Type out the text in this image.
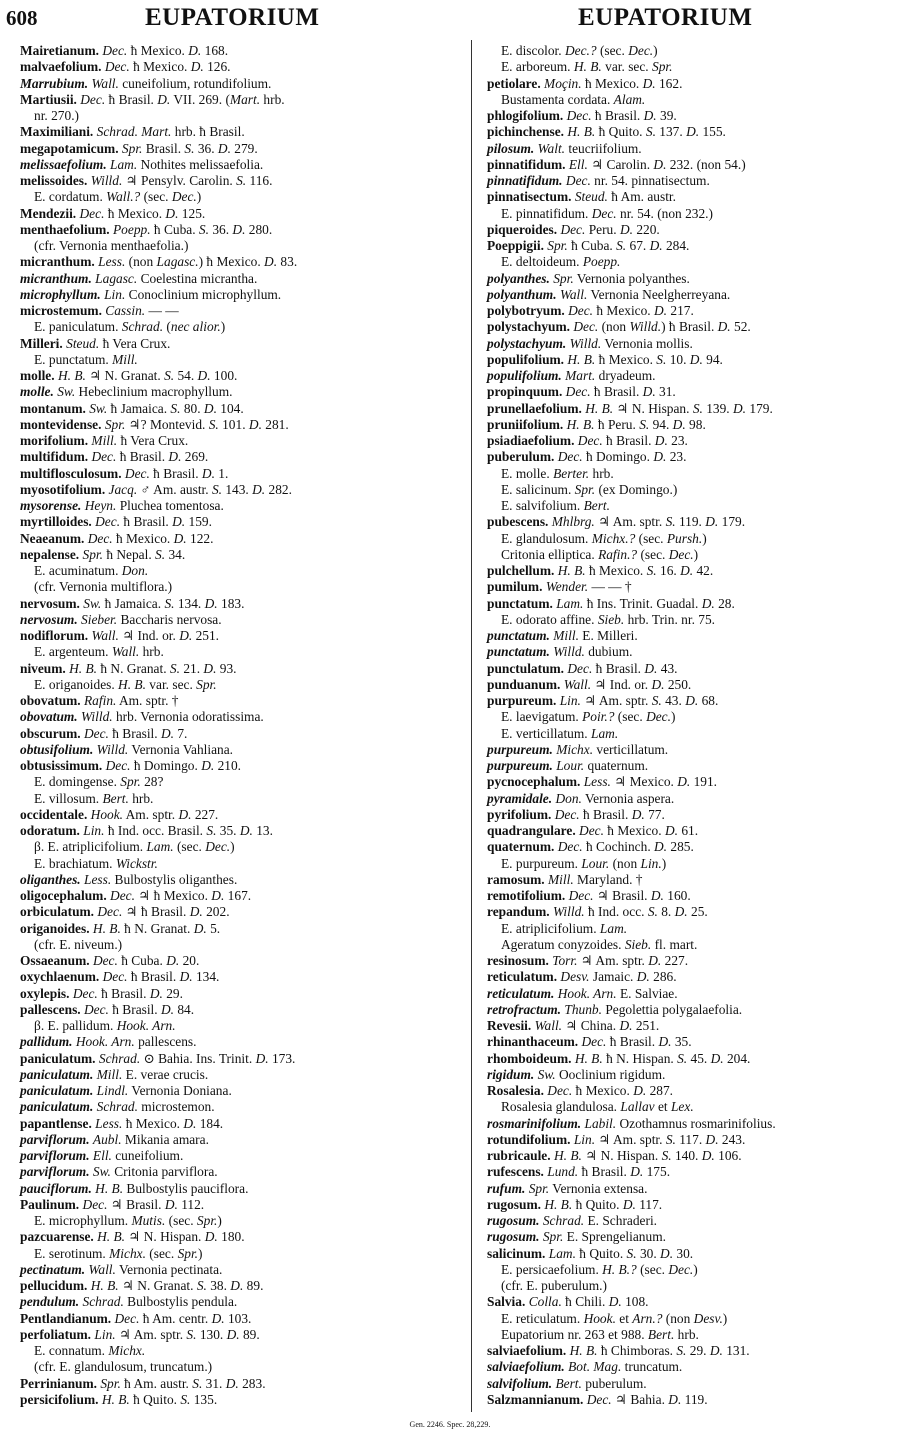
608	EUPATORIUM	EUPATORIUM
Mairetianum. Dec. ħ Mexico. D. 168.
malvaefolium. Dec. ħ Mexico. D. 126.
Marrubium. Wall. cuneifolium, rotundifolium.
Martiusii. Dec. ħ Brasil. D. VII. 269. (Mart. hrb.
nr. 270.)
Maximiliani. Schrad. Mart. hrb. ħ Brasil.
megapotamicum. Spr. Brasil. S. 36. D. 279.
melissaefolium. Lam. Nothites melissaefolia.
melissoides. Willd. ♃ Pensylv. Carolin. S. 116.
E. cordatum. Wall.? (sec. Dec.)
Mendezii. Dec. ħ Mexico. D. 125.
menthaefolium. Poepp. ħ Cuba. S. 36. D. 280.
(cfr. Vernonia menthaefolia.)
micranthum. Less. (non Lagasc.) ħ Mexico. D. 83.
micranthum. Lagasc. Coelestina micrantha.
microphyllum. Lin. Conoclinium microphyllum.
microstemum. Cassin. — —
E. paniculatum. Schrad. (nec alior.)
Milleri. Steud. ħ Vera Crux.
E. punctatum. Mill.
molle. H. B. ♃ N. Granat. S. 54. D. 100.
molle. Sw. Hebeclinium macrophyllum.
montanum. Sw. ħ Jamaica. S. 80. D. 104.
montevidense. Spr. ♃? Montevid. S. 101. D. 281.
morifolium. Mill. ħ Vera Crux.
multifidum. Dec. ħ Brasil. D. 269.
multiflosculosum. Dec. ħ Brasil. D. 1.
myosotifolium. Jacq. ♂ Am. austr. S. 143. D. 282.
mysorense. Heyn. Pluchea tomentosa.
myrtilloides. Dec. ħ Brasil. D. 159.
Neaeanum. Dec. ħ Mexico. D. 122.
nepalense. Spr. ħ Nepal. S. 34.
E. acuminatum. Don.
(cfr. Vernonia multiflora.)
nervosum. Sw. ħ Jamaica. S. 134. D. 183.
nervosum. Sieber. Baccharis nervosa.
nodiflorum. Wall. ♃ Ind. or. D. 251.
E. argenteum. Wall. hrb.
niveum. H. B. ħ N. Granat. S. 21. D. 93.
E. origanoides. H. B. var. sec. Spr.
obovatum. Rafin. Am. sptr. †
obovatum. Willd. hrb. Vernonia odoratissima.
obscurum. Dec. ħ Brasil. D. 7.
obtusifolium. Willd. Vernonia Vahliana.
obtusissimum. Dec. ħ Domingo. D. 210.
E. domingense. Spr. 28?
E. villosum. Bert. hrb.
occidentale. Hook. Am. sptr. D. 227.
odoratum. Lin. ħ Ind. occ. Brasil. S. 35. D. 13.
β. E. atriplicifolium. Lam. (sec. Dec.)
E. brachiatum. Wickstr.
oliganthes. Less. Bulbostylis oliganthes.
oligocephalum. Dec. ♃ ħ Mexico. D. 167.
orbiculatum. Dec. ♃ ħ Brasil. D. 202.
origanoides. H. B. ħ N. Granat. D. 5.
(cfr. E. niveum.)
Ossaeanum. Dec. ħ Cuba. D. 20.
oxychlaenum. Dec. ħ Brasil. D. 134.
oxylepis. Dec. ħ Brasil. D. 29.
pallescens. Dec. ħ Brasil. D. 84.
β. E. pallidum. Hook. Arn.
pallidum. Hook. Arn. pallescens.
paniculatum. Schrad. ⊙ Bahia. Ins. Trinit. D. 173.
paniculatum. Mill. E. verae crucis.
paniculatum. Lindl. Vernonia Doniana.
paniculatum. Schrad. microstemon.
papantlense. Less. ħ Mexico. D. 184.
parviflorum. Aubl. Mikania amara.
parviflorum. Ell. cuneifolium.
parviflorum. Sw. Critonia parviflora.
pauciflorum. H. B. Bulbostylis pauciflora.
Paulinum. Dec. ♃ Brasil. D. 112.
E. microphyllum. Mutis. (sec. Spr.)
pazcuarense. H. B. ♃ N. Hispan. D. 180.
E. serotinum. Michx. (sec. Spr.)
pectinatum. Wall. Vernonia pectinata.
pellucidum. H. B. ♃ N. Granat. S. 38. D. 89.
pendulum. Schrad. Bulbostylis pendula.
Pentlandianum. Dec. ħ Am. centr. D. 103.
perfoliatum. Lin. ♃ Am. sptr. S. 130. D. 89.
E. connatum. Michx.
(cfr. E. glandulosum, truncatum.)
Perrinianum. Spr. ħ Am. austr. S. 31. D. 283.
persicifolium. H. B. ħ Quito. S. 135.
E. discolor. Dec.? (sec. Dec.)
E. arboreum. H. B. var. sec. Spr.
petiolare. Moçin. ħ Mexico. D. 162.
Bustamenta cordata. Alam.
phlogifolium. Dec. ħ Brasil. D. 39.
pichinchense. H. B. ħ Quito. S. 137. D. 155.
pilosum. Walt. teucriifolium.
pinnatifidum. Ell. ♃ Carolin. D. 232. (non 54.)
pinnatifidum. Dec. nr. 54. pinnatisectum.
pinnatisectum. Steud. ħ Am. austr.
E. pinnatifidum. Dec. nr. 54. (non 232.)
piqueroides. Dec. Peru. D. 220.
Poeppigii. Spr. ħ Cuba. S. 67. D. 284.
E. deltoideum. Poepp.
polyanthes. Spr. Vernonia polyanthes.
polyanthum. Wall. Vernonia Neelgherreyana.
polybotryum. Dec. ħ Mexico. D. 217.
polystachyum. Dec. (non Willd.) ħ Brasil. D. 52.
polystachyum. Willd. Vernonia mollis.
populifolium. H. B. ħ Mexico. S. 10. D. 94.
populifolium. Mart. dryadeum.
propinquum. Dec. ħ Brasil. D. 31.
prunellaefolium. H. B. ♃ N. Hispan. S. 139. D. 179.
pruniifolium. H. B. ħ Peru. S. 94. D. 98.
psiadiaefolium. Dec. ħ Brasil. D. 23.
puberulum. Dec. ħ Domingo. D. 23.
E. molle. Berter. hrb.
E. salicinum. Spr. (ex Domingo.)
E. salvifolium. Bert.
pubescens. Mhlbrg. ♃ Am. sptr. S. 119. D. 179.
E. glandulosum. Michx.? (sec. Pursh.)
Critonia elliptica. Rafin.? (sec. Dec.)
pulchellum. H. B. ħ Mexico. S. 16. D. 42.
pumilum. Wender. — — †
punctatum. Lam. ħ Ins. Trinit. Guadal. D. 28.
E. odorato affine. Sieb. hrb. Trin. nr. 75.
punctatum. Mill. E. Milleri.
punctatum. Willd. dubium.
punctulatum. Dec. ħ Brasil. D. 43.
punduanum. Wall. ♃ Ind. or. D. 250.
purpureum. Lin. ♃ Am. sptr. S. 43. D. 68.
E. laevigatum. Poir.? (sec. Dec.)
E. verticillatum. Lam.
purpureum. Michx. verticillatum.
purpureum. Lour. quaternum.
pycnocephalum. Less. ♃ Mexico. D. 191.
pyramidale. Don. Vernonia aspera.
pyrifolium. Dec. ħ Brasil. D. 77.
quadrangulare. Dec. ħ Mexico. D. 61.
quaternum. Dec. ħ Cochinch. D. 285.
E. purpureum. Lour. (non Lin.)
ramosum. Mill. Maryland. †
remotifolium. Dec. ♃ Brasil. D. 160.
repandum. Willd. ħ Ind. occ. S. 8. D. 25.
E. atriplicifolium. Lam.
Ageratum conyzoides. Sieb. fl. mart.
resinosum. Torr. ♃ Am. sptr. D. 227.
reticulatum. Desv. Jamaic. D. 286.
reticulatum. Hook. Arn. E. Salviae.
retrofractum. Thunb. Pegolettia polygalaefolia.
Revesii. Wall. ♃ China. D. 251.
rhinanthaceum. Dec. ħ Brasil. D. 35.
rhomboideum. H. B. ħ N. Hispan. S. 45. D. 204.
rigidum. Sw. Ooclinium rigidum.
Rosalesia. Dec. ħ Mexico. D. 287.
Rosalesia glandulosa. Lallav et Lex.
rosmarinifolium. Labil. Ozothamnus rosmarinifolius.
rotundifolium. Lin. ♃ Am. sptr. S. 117. D. 243.
rubricaule. H. B. ♃ N. Hispan. S. 140. D. 106.
rufescens. Lund. ħ Brasil. D. 175.
rufum. Spr. Vernonia extensa.
rugosum. H. B. ħ Quito. D. 117.
rugosum. Schrad. E. Schraderi.
rugosum. Spr. E. Sprengelianum.
salicinum. Lam. ħ Quito. S. 30. D. 30.
E. persicaefolium. H. B.? (sec. Dec.)
(cfr. E. puberulum.)
Salvia. Colla. ħ Chili. D. 108.
E. reticulatum. Hook. et Arn.? (non Desv.)
Eupatorium nr. 263 et 988. Bert. hrb.
salviaefolium. H. B. ħ Chimboras. S. 29. D. 131.
salviaefolium. Bot. Mag. truncatum.
salvifolium. Bert. puberulum.
Salzmannianum. Dec. ♃ Bahia. D. 119.
Gen. 2246. Spec. 28,229.
